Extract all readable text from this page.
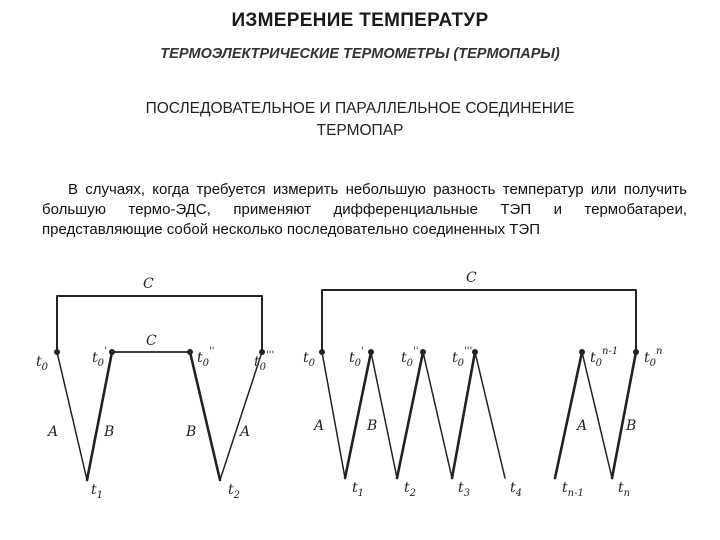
ИЗМЕРЕНИЕ ТЕМПЕРАТУР
ТЕРМОЭЛЕКТРИЧЕСКИЕ ТЕРМОМЕТРЫ (ТЕРМОПАРЫ)
ПОСЛЕДОВАТЕЛЬНОЕ И ПАРАЛЛЕЛЬНОЕ СОЕДИНЕНИЕ
ТЕРМОПАР
В случаях, когда требуется измерить небольшую разность температур или получить большую термо-ЭДС, применяют дифференциальные ТЭП и термобатареи, представляющие собой несколько последовательно соединенных ТЭП
C
C
$t_0$
$t_0'$	$t_0''$
$t_0'''$
A	B	B	A
$t_1$	$t_2$
C
$t_0$ $t_0'$	$t_0''$ $t_0'''$	$t_0^{n-1}$ $t_0^n$
A	B	A	B
$t_1$	$t_2$	$t_3$	$t_4$	$t_{n-1}$ $t_n$
